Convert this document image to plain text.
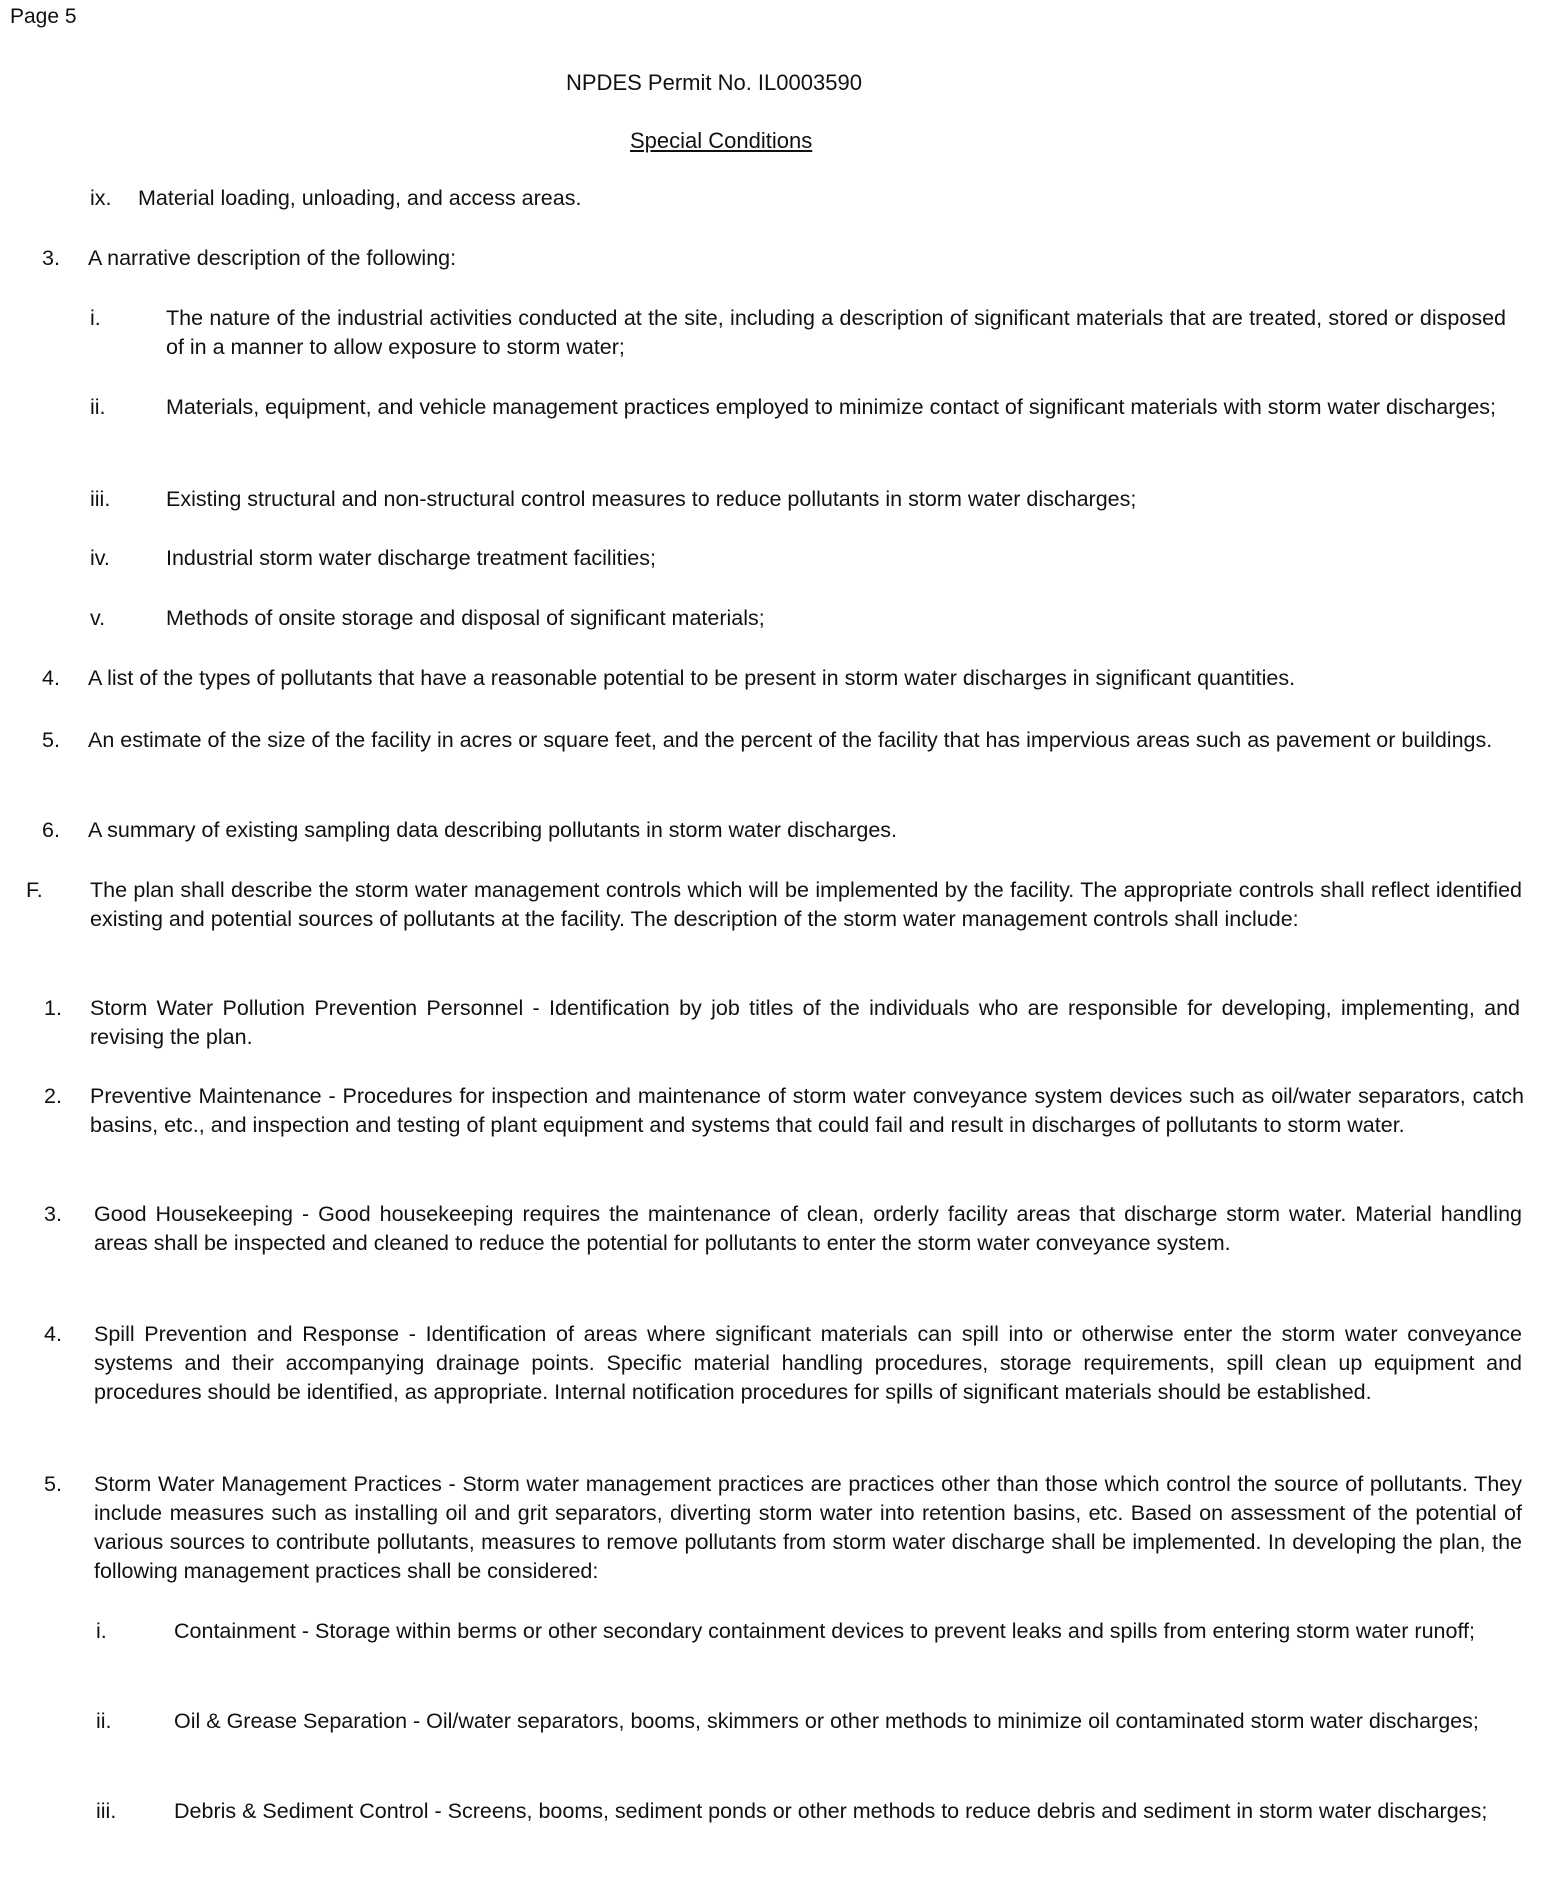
Page 5
NPDES Permit No. IL0003590
Special Conditions
ix.	Material loading, unloading, and access areas.
3.	A narrative description of the following:
i.	The nature of the industrial activities conducted at the site, including a description of significant materials that are treated, stored or disposed of in a manner to allow exposure to storm water;
ii.	Materials, equipment, and vehicle management practices employed to minimize contact of significant materials with storm water discharges;
iii.	Existing structural and non-structural control measures to reduce pollutants in storm water discharges;
iv.	Industrial storm water discharge treatment facilities;
v.	Methods of onsite storage and disposal of significant materials;
4.	A list of the types of pollutants that have a reasonable potential to be present in storm water discharges in significant quantities.
5.	An estimate of the size of the facility in acres or square feet, and the percent of the facility that has impervious areas such as pavement or buildings.
6.	A summary of existing sampling data describing pollutants in storm water discharges.
F.	The plan shall describe the storm water management controls which will be implemented by the facility. The appropriate controls shall reflect identified existing and potential sources of pollutants at the facility. The description of the storm water management controls shall include:
1.	Storm Water Pollution Prevention Personnel - Identification by job titles of the individuals who are responsible for developing, implementing, and revising the plan.
2.	Preventive Maintenance - Procedures for inspection and maintenance of storm water conveyance system devices such as oil/water separators, catch basins, etc., and inspection and testing of plant equipment and systems that could fail and result in discharges of pollutants to storm water.
3.	Good Housekeeping - Good housekeeping requires the maintenance of clean, orderly facility areas that discharge storm water. Material handling areas shall be inspected and cleaned to reduce the potential for pollutants to enter the storm water conveyance system.
4.	Spill Prevention and Response - Identification of areas where significant materials can spill into or otherwise enter the storm water conveyance systems and their accompanying drainage points. Specific material handling procedures, storage requirements, spill clean up equipment and procedures should be identified, as appropriate. Internal notification procedures for spills of significant materials should be established.
5.	Storm Water Management Practices - Storm water management practices are practices other than those which control the source of pollutants. They include measures such as installing oil and grit separators, diverting storm water into retention basins, etc. Based on assessment of the potential of various sources to contribute pollutants, measures to remove pollutants from storm water discharge shall be implemented. In developing the plan, the following management practices shall be considered:
i.	Containment - Storage within berms or other secondary containment devices to prevent leaks and spills from entering storm water runoff;
ii.	Oil & Grease Separation - Oil/water separators, booms, skimmers or other methods to minimize oil contaminated storm water discharges;
iii.	Debris & Sediment Control - Screens, booms, sediment ponds or other methods to reduce debris and sediment in storm water discharges;
